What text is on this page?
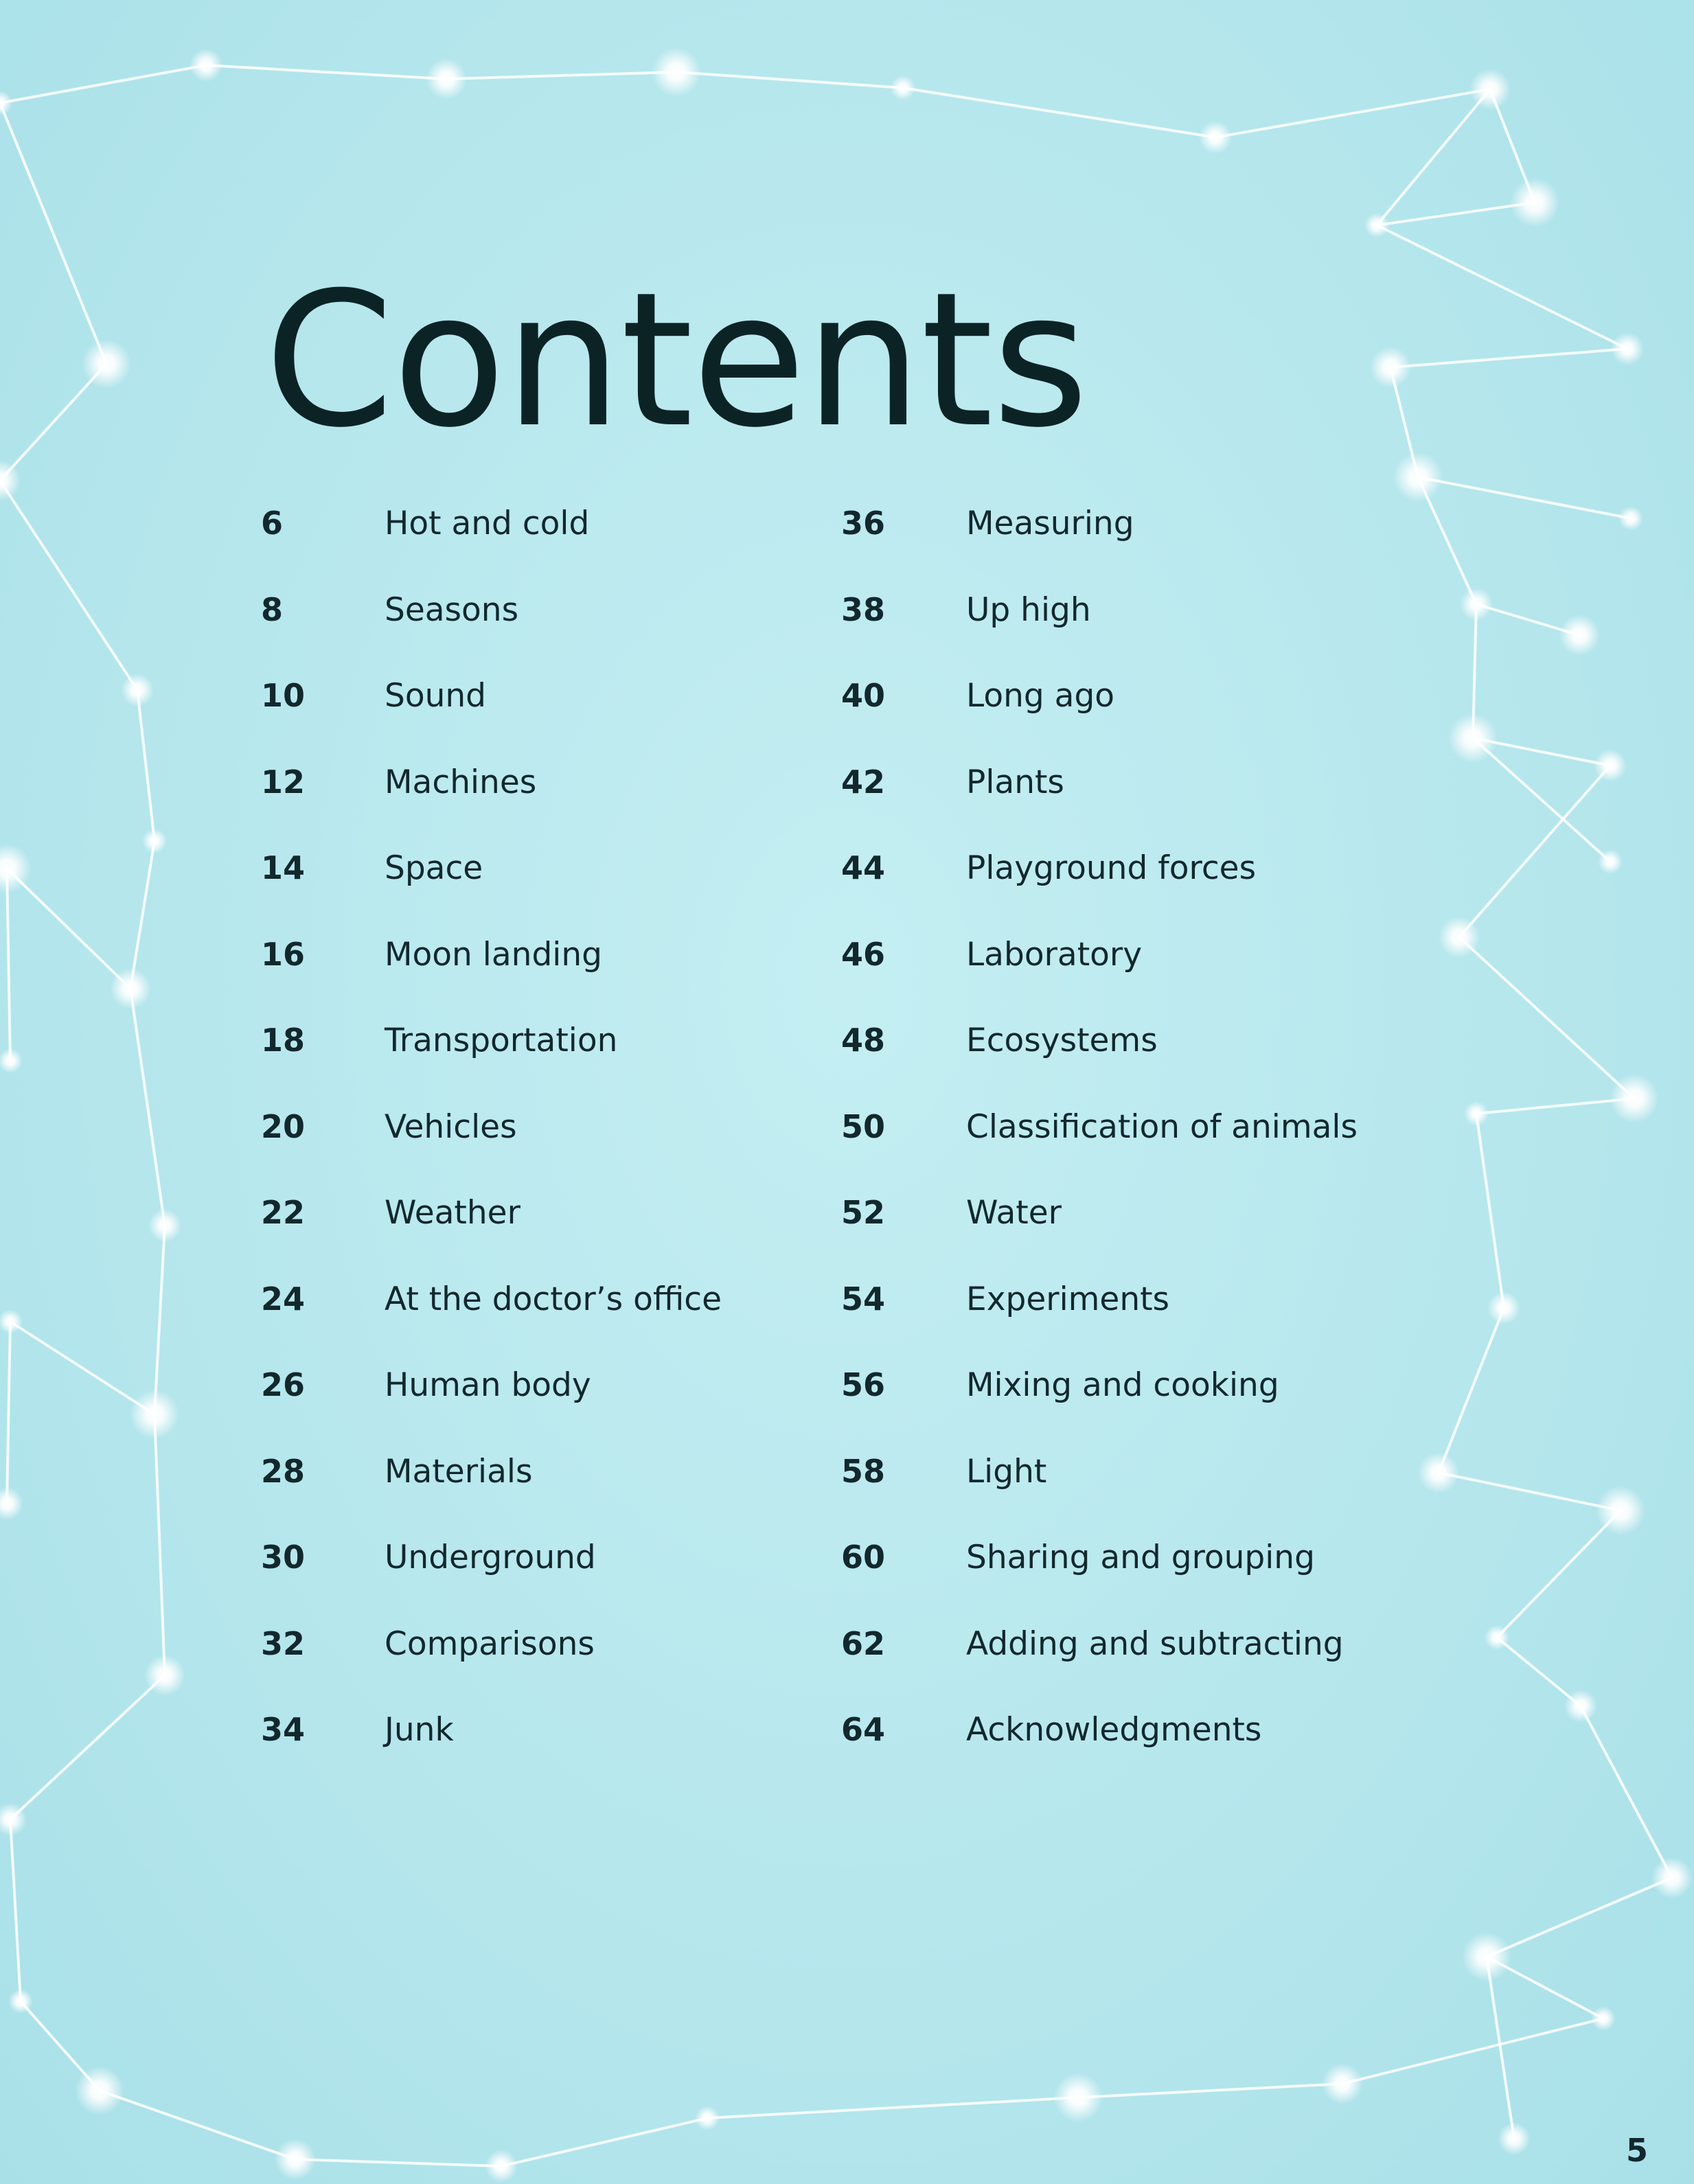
Contents
6	Hot and cold
8	Seasons
10 Sound
12 Machines
14 Space
16 Moon landing
18 Transportation
20 Vehicles
22 Weather
24 At the doctor’s office
26 Human body
28 Materials
30 Underground
32 Comparisons
34 Junk
36	Measuring
38	Up high
40	Long ago
42	Plants
44	Playground forces
46	Laboratory
48	Ecosystems
50	Classification of animals
52	Water
54	Experiments
56	Mixing and cooking
58	Light
60	Sharing and grouping
62	Adding and subtracting
64	Acknowledgments
5
